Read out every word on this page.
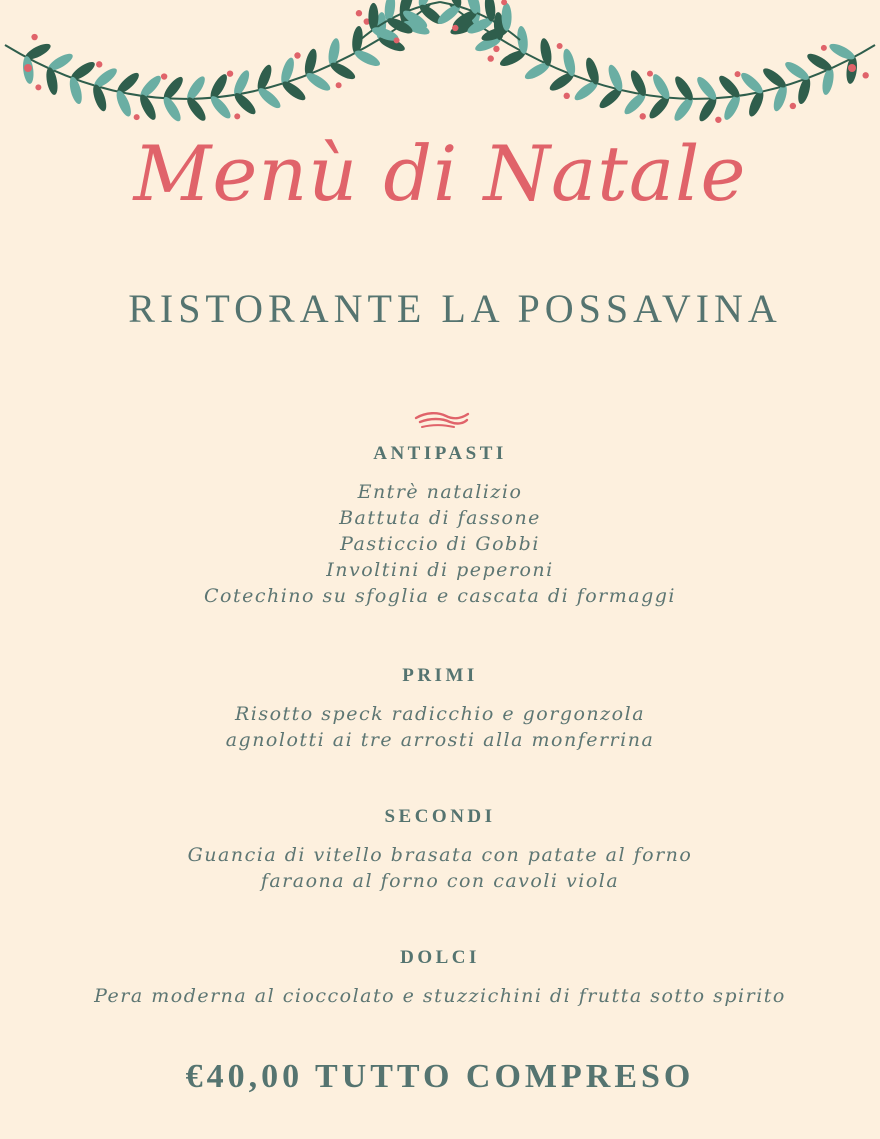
Menù di Natale
RISTORANTE LA POSSAVINA
ANTIPASTI
Entrè natalizio
Battuta di fassone
Pasticcio di Gobbi
Involtini di peperoni
Cotechino su sfoglia e cascata di formaggi
PRIMI
Risotto speck radicchio e gorgonzola
agnolotti ai tre arrosti alla monferrina
SECONDI
Guancia di vitello brasata con patate al forno
faraona al forno con cavoli viola
DOLCI
Pera moderna al cioccolato e stuzzichini di frutta sotto spirito
€40,00 TUTTO COMPRESO
